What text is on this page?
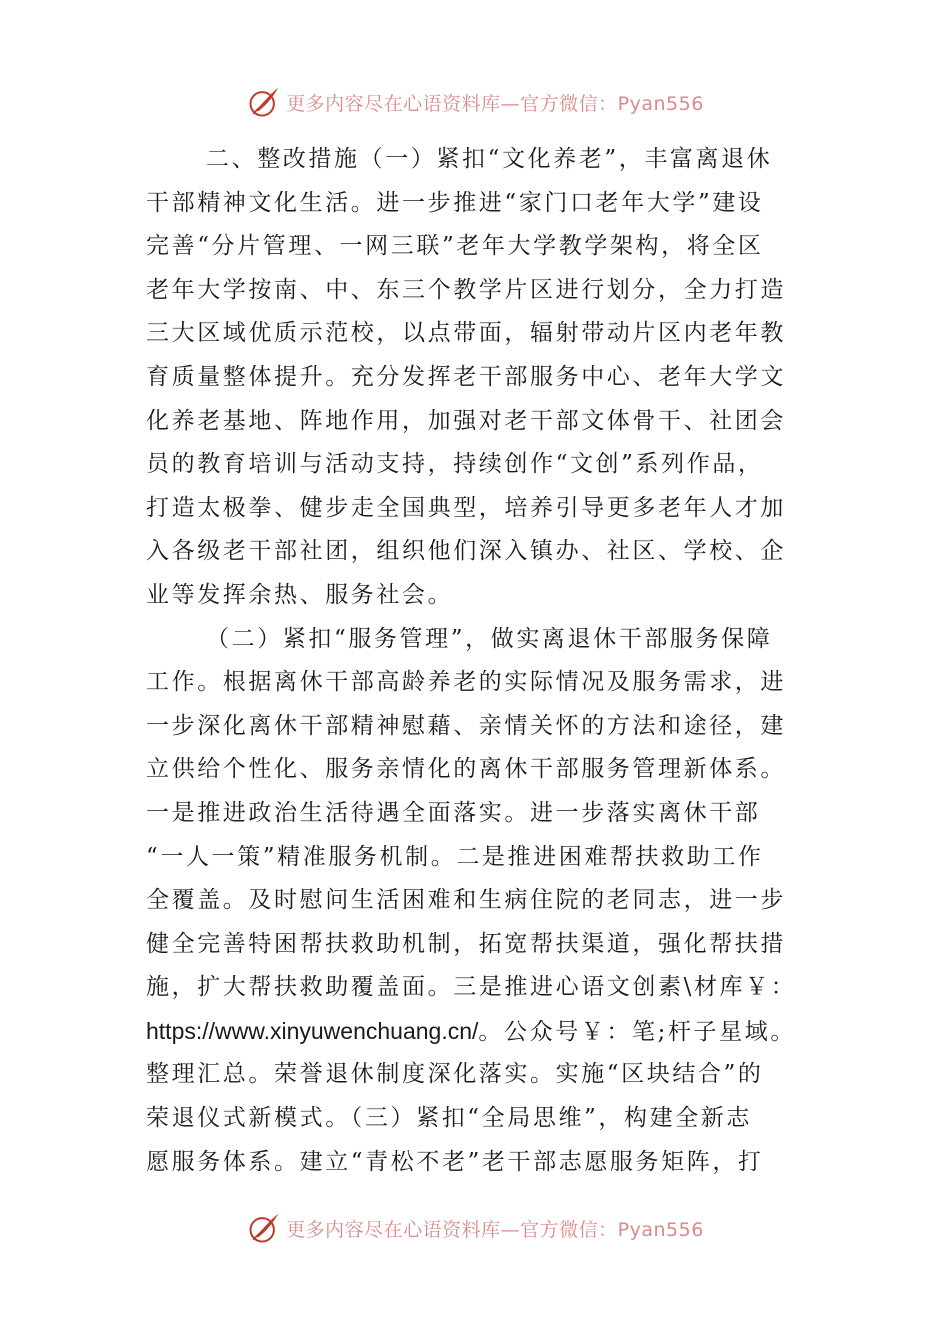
更多内容尽在心语资料库—官方微信：Pyan556
二、整改措施（一）紧扣“文化养老”，丰富离退休
干部精神文化生活。进一步推进“家门口老年大学”建设
完善“分片管理、一网三联”老年大学教学架构，将全区
老年大学按南、中、东三个教学片区进行划分，全力打造
三大区域优质示范校，以点带面，辐射带动片区内老年教
育质量整体提升。充分发挥老干部服务中心、老年大学文
化养老基地、阵地作用，加强对老干部文体骨干、社团会
员的教育培训与活动支持，持续创作“文创”系列作品，
打造太极拳、健步走全国典型，培养引导更多老年人才加
入各级老干部社团，组织他们深入镇办、社区、学校、企
业等发挥余热、服务社会。
（二）紧扣“服务管理”，做实离退休干部服务保障
工作。根据离休干部高龄养老的实际情况及服务需求，进
一步深化离休干部精神慰藉、亲情关怀的方法和途径，建
立供给个性化、服务亲情化的离休干部服务管理新体系。
一是推进政治生活待遇全面落实。进一步落实离休干部
“一人一策”精准服务机制。二是推进困难帮扶救助工作
全覆盖。及时慰问生活困难和生病住院的老同志，进一步
健全完善特困帮扶救助机制，拓宽帮扶渠道，强化帮扶措
施，扩大帮扶救助覆盖面。三是推进心语文创素\材库￥：
https://www.xinyuwenchuang.cn/。公众号￥：笔;杆子星域。
整理汇总。荣誉退休制度深化落实。实施“区块结合”的
荣退仪式新模式。（三）紧扣“全局思维”，构建全新志
愿服务体系。建立“青松不老”老干部志愿服务矩阵，打
更多内容尽在心语资料库—官方微信：Pyan556
